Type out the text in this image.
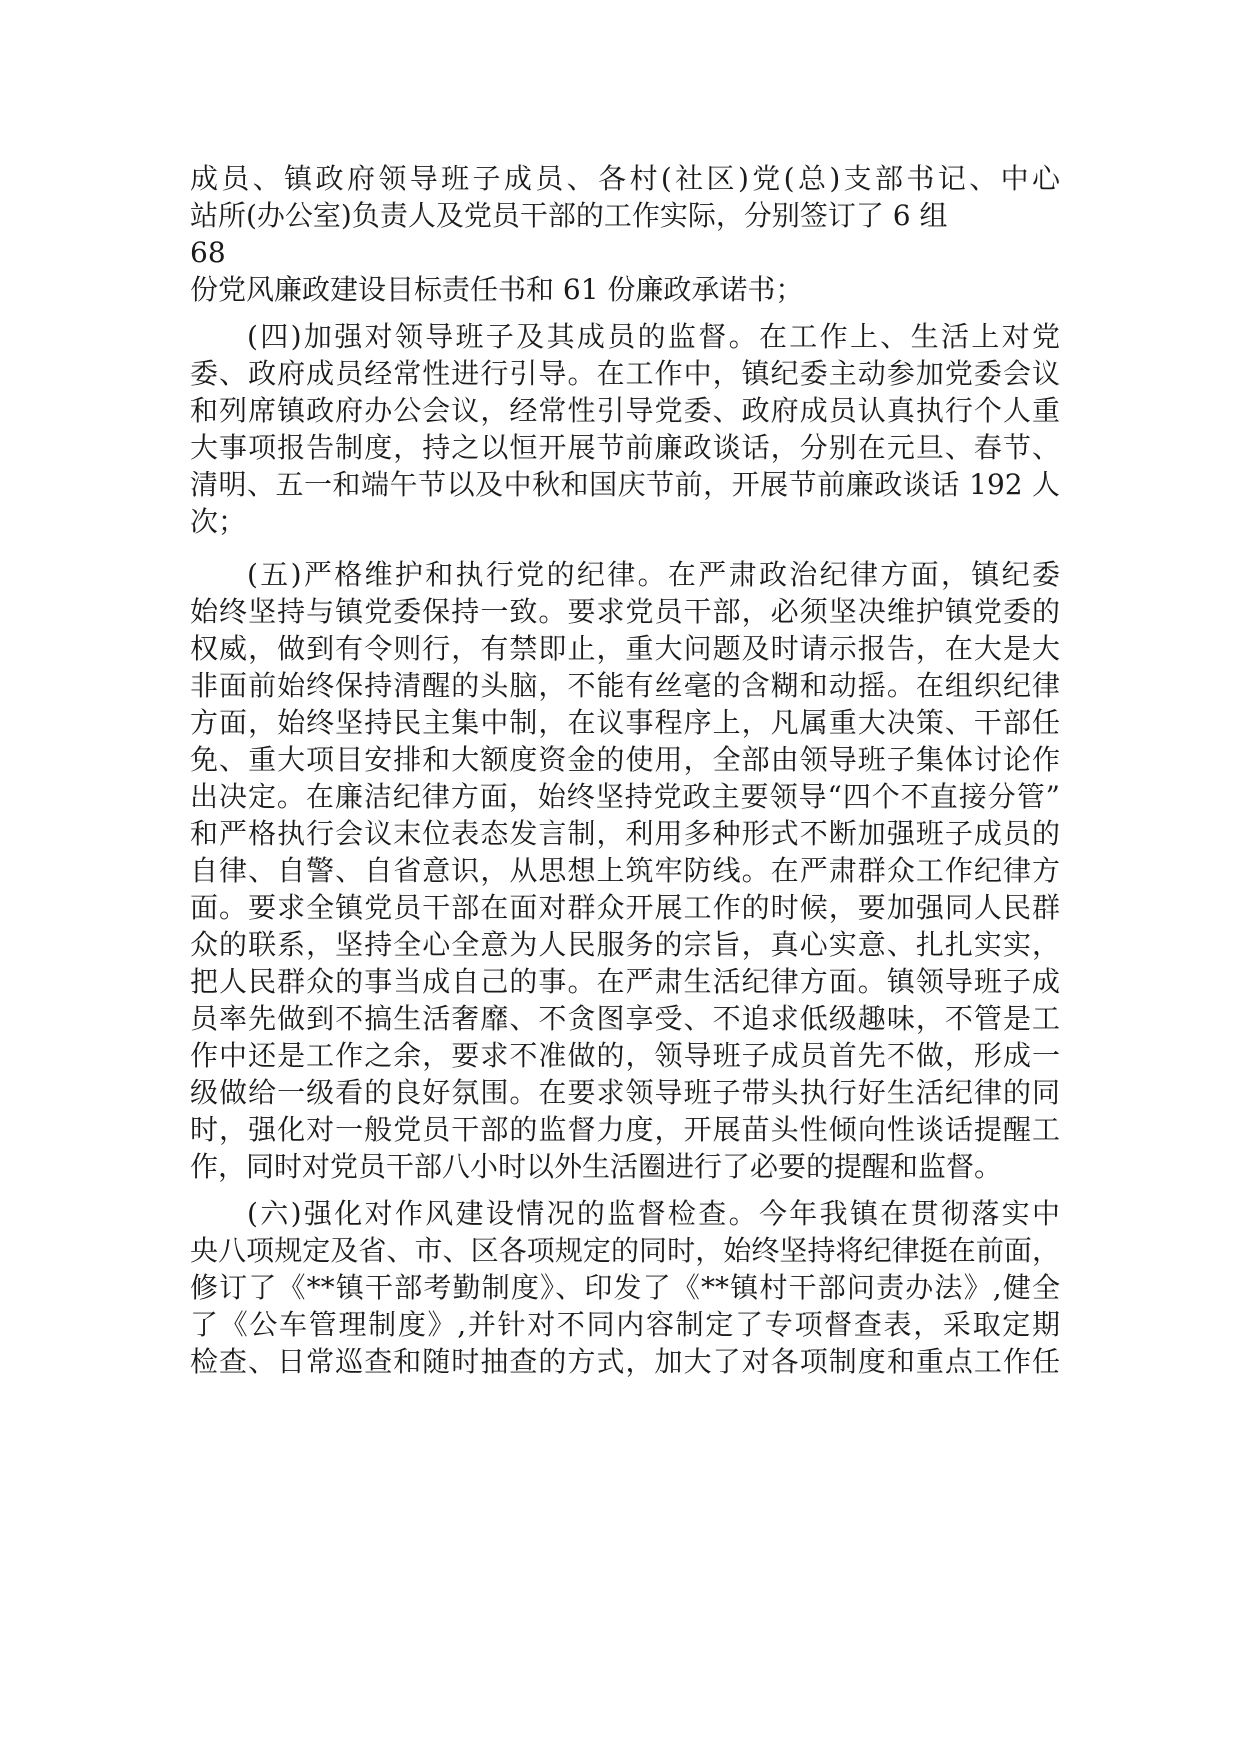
成员、镇政府领导班子成员、各村(社区)党(总)支部书记、中心
站所(办公室)负责人及党员干部的工作实际，分别签订了 6 组
68
份党风廉政建设目标责任书和 61 份廉政承诺书；
(四)加强对领导班子及其成员的监督。在工作上、生活上对党
委、政府成员经常性进行引导。在工作中，镇纪委主动参加党委会议
和列席镇政府办公会议，经常性引导党委、政府成员认真执行个人重
大事项报告制度，持之以恒开展节前廉政谈话，分别在元旦、春节、
清明、五一和端午节以及中秋和国庆节前，开展节前廉政谈话 192 人
次；
(五)严格维护和执行党的纪律。在严肃政治纪律方面，镇纪委
始终坚持与镇党委保持一致。要求党员干部，必须坚决维护镇党委的
权威，做到有令则行，有禁即止，重大问题及时请示报告，在大是大
非面前始终保持清醒的头脑，不能有丝毫的含糊和动摇。在组织纪律
方面，始终坚持民主集中制，在议事程序上，凡属重大决策、干部任
免、重大项目安排和大额度资金的使用，全部由领导班子集体讨论作
出决定。在廉洁纪律方面，始终坚持党政主要领导“四个不直接分管”
和严格执行会议末位表态发言制，利用多种形式不断加强班子成员的
自律、自警、自省意识，从思想上筑牢防线。在严肃群众工作纪律方
面。要求全镇党员干部在面对群众开展工作的时候，要加强同人民群
众的联系，坚持全心全意为人民服务的宗旨，真心实意、扎扎实实，
把人民群众的事当成自己的事。在严肃生活纪律方面。镇领导班子成
员率先做到不搞生活奢靡、不贪图享受、不追求低级趣味，不管是工
作中还是工作之余，要求不准做的，领导班子成员首先不做，形成一
级做给一级看的良好氛围。在要求领导班子带头执行好生活纪律的同
时，强化对一般党员干部的监督力度，开展苗头性倾向性谈话提醒工
作，同时对党员干部八小时以外生活圈进行了必要的提醒和监督。
(六)强化对作风建设情况的监督检查。今年我镇在贯彻落实中
央八项规定及省、市、区各项规定的同时，始终坚持将纪律挺在前面，
修订了《**镇干部考勤制度》、印发了《**镇村干部问责办法》,健全
了《公车管理制度》,并针对不同内容制定了专项督查表，采取定期
检查、日常巡查和随时抽查的方式，加大了对各项制度和重点工作任
